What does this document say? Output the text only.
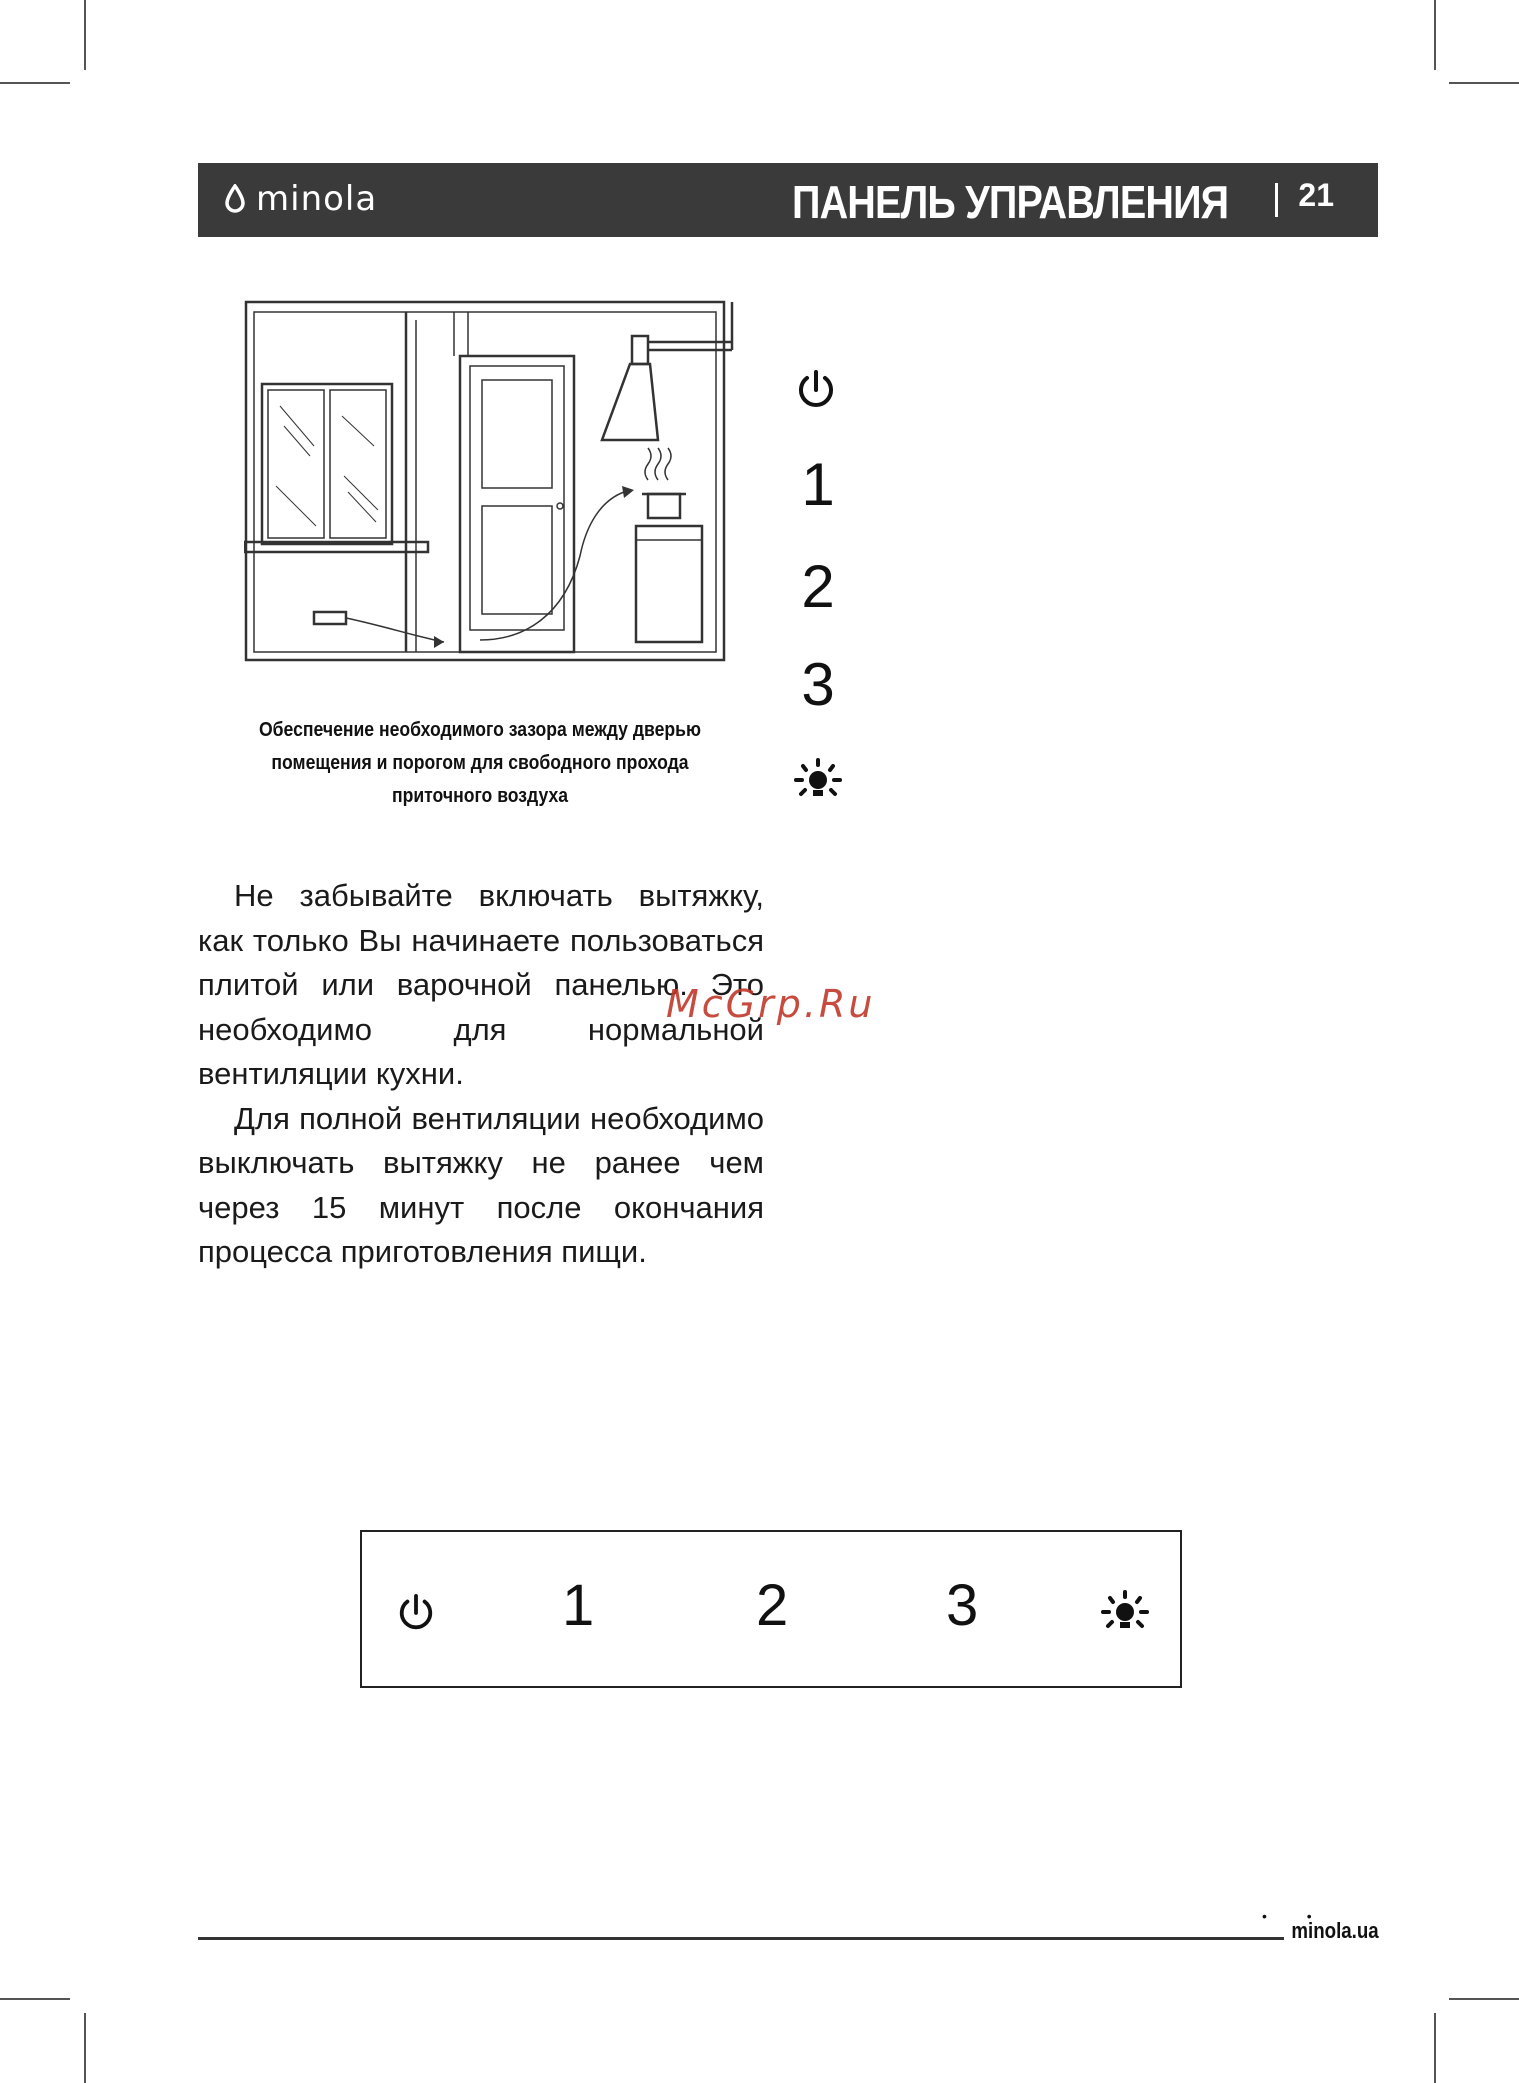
minola	ПАНЕЛЬ УПРАВЛЕНИЯ 21
Обеспечение необходимого зазора между дверью
помещения и порогом для свободного прохода
приточного воздуха
1
2
3

Не забывайте включать вытяжку, как только Вы начинаете пользоваться плитой или варочной панелью. Это необходимо для нормальной вентиляции кухни.

Для полной вентиляции необходимо выключать вытяжку не ранее чем через 15 минут после окончания процесса приготовления пищи.

McGrp.Ru
1	2	3
• •
minola.ua
